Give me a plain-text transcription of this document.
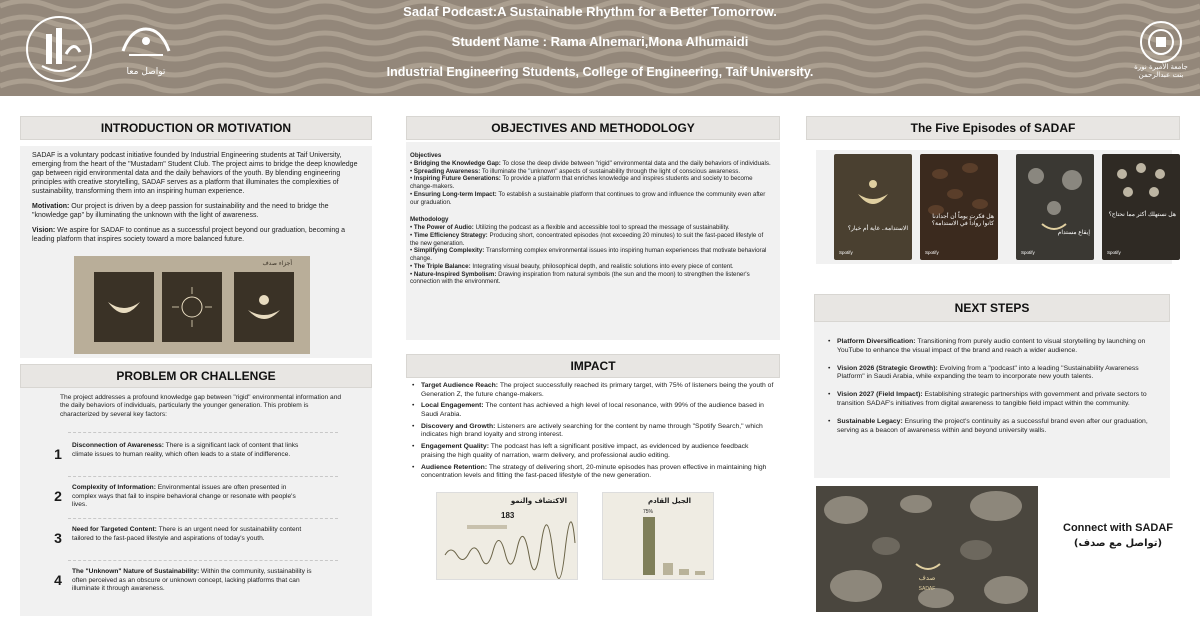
تواصل معا
Sadaf Podcast:A Sustainable Rhythm for a Better Tomorrow.
Student Name : Rama Alnemari,Mona Alhumaidi
Industrial Engineering Students, College of Engineering, Taif University.	جامعة الأميرة نورة بنت عبدالرحمن
INTRODUCTION OR MOTIVATION

SADAF is a voluntary podcast initiative founded by Industrial Engineering students at Taif University, emerging from the heart of the "Mustadam" Student Club. The project aims to bridge the deep knowledge gap between rigid environmental data and the daily behaviors of the youth. By blending engineering principles with creative storytelling, SADAF serves as a platform that illuminates the complexities of sustainability, transforming them into an inspiring human experience.

Motivation: Our project is driven by a deep passion for sustainability and the need to bridge the "knowledge gap" by illuminating the unknown with the light of awareness.

Vision: We aspire for SADAF to continue as a successful project beyond our graduation, becoming a leading platform that inspires society toward a more balanced future.

أجزاء صدف
PROBLEM OR CHALLENGE
The project addresses a profound knowledge gap between "rigid" environmental information and the daily behaviors of individuals, particularly the younger generation. This problem is characterized by several key factors:
1
Disconnection of Awareness: There is a significant lack of content that links climate issues to human reality, which often leads to a state of indifference.
2
Complexity of Information: Environmental issues are often presented in complex ways that fail to inspire behavioral change or resonate with people's lives.
3
Need for Targeted Content: There is an urgent need for sustainability content tailored to the fast-paced lifestyle and aspirations of today's youth.
4
The "Unknown" Nature of Sustainability: Within the community, sustainability is often perceived as an obscure or unknown concept, lacking platforms that can illuminate it through awareness.
OBJECTIVES AND METHODOLOGY
Objectives
• Bridging the Knowledge Gap: To close the deep divide between "rigid" environmental data and the daily behaviors of individuals.
• Spreading Awareness: To illuminate the "unknown" aspects of sustainability through the light of conscious awareness.
• Inspiring Future Generations: To provide a platform that enriches knowledge and inspires students and society to become change-makers.
• Ensuring Long-term Impact: To establish a sustainable platform that continues to grow and influence the community even after our graduation.
Methodology
• The Power of Audio: Utilizing the podcast as a flexible and accessible tool to spread the message of sustainability.
• Time Efficiency Strategy: Producing short, concentrated episodes (not exceeding 20 minutes) to suit the fast-paced lifestyle of the new generation.
• Simplifying Complexity: Transforming complex environmental issues into inspiring human experiences that motivate behavioral change.
• The Triple Balance: Integrating visual beauty, philosophical depth, and realistic solutions into every piece of content.
• Nature-Inspired Symbolism: Drawing inspiration from natural symbols (the sun and the moon) to strengthen the listener's connection with the environment.
IMPACT
• Target Audience Reach: The project successfully reached its primary target, with 75% of listeners being the youth of Generation Z, the future change-makers.
• Local Engagement: The content has achieved a high level of local resonance, with 99% of the audience based in Saudi Arabia.
• Discovery and Growth: Listeners are actively searching for the content by name through "Spotify Search," which indicates high brand loyalty and strong interest.
• Engagement Quality: The podcast has left a significant positive impact, as evidenced by audience feedback praising the high quality of narration, warm delivery, and professional audio editing.
• Audience Retention: The strategy of delivering short, 20-minute episodes has proven effective in maintaining high concentration levels and fitting the fast-paced lifestyle of the new generation.
الاكتشاف والنمو
183
الجيل القادم
75%
The Five Episodes of SADAF
الاستدامة.. غاية أم خيار؟
Spotify
هل فكرت يوماً أن أجدادنا كانوا رواداً في الاستدامة؟
Spotify
إيقاع مستدام
Spotify
هل نستهلك أكثر مما نحتاج؟
Spotify
NEXT STEPS
• Platform Diversification: Transitioning from purely audio content to visual storytelling by launching on YouTube to enhance the visual impact of the brand and reach a wider audience.
• Vision 2026 (Strategic Growth): Evolving from a "podcast" into a leading "Sustainability Awareness Platform" in Saudi Arabia, while expanding the team to incorporate new youth talents.
• Vision 2027 (Field Impact): Establishing strategic partnerships with government and private sectors to transition SADAF's initiatives from digital awareness to tangible field impact within the community.
• Sustainable Legacy: Ensuring the project's continuity as a successful brand even after our graduation, serving as a beacon of awareness within and beyond university walls.
صدف
SADAF
Connect with SADAF
(تواصل مع صدف)
